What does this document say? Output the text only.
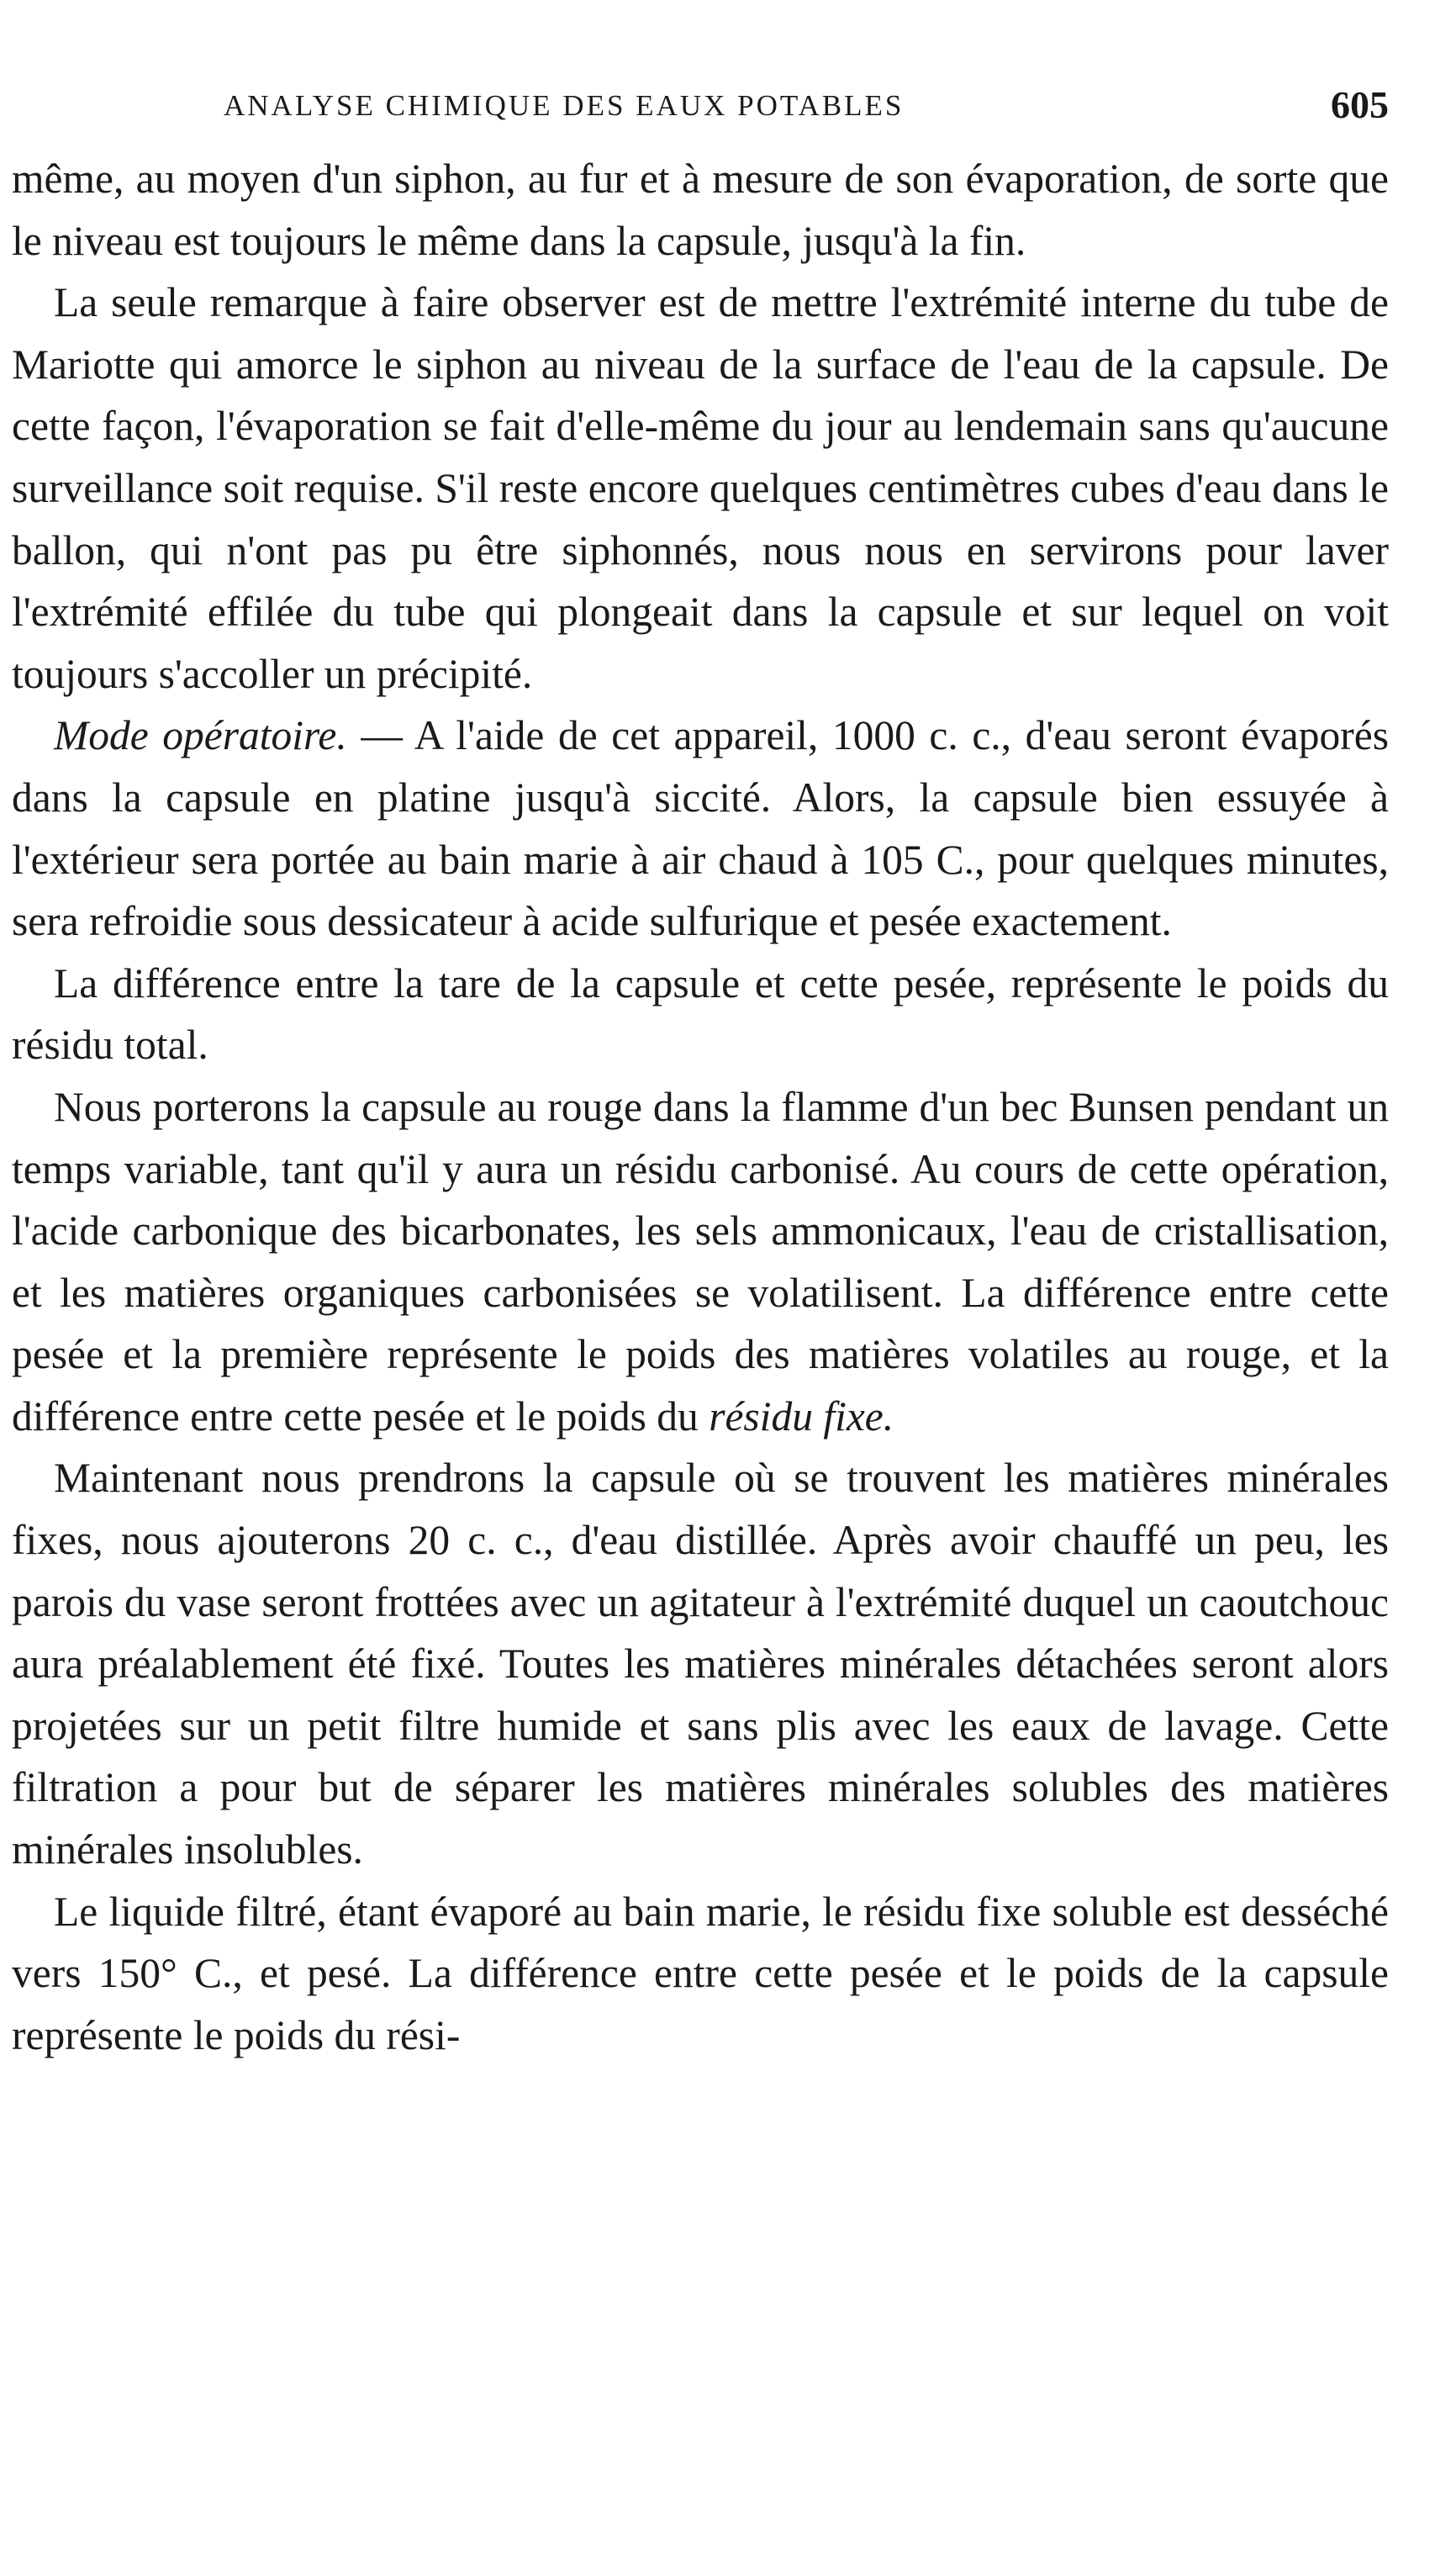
ANALYSE CHIMIQUE DES EAUX POTABLES	605

même, au moyen d'un siphon, au fur et à mesure de son évaporation, de sorte que le niveau est toujours le même dans la capsule, jusqu'à la fin.

La seule remarque à faire observer est de mettre l'extrémité interne du tube de Mariotte qui amorce le siphon au niveau de la surface de l'eau de la capsule. De cette façon, l'évaporation se fait d'elle-même du jour au lendemain sans qu'aucune surveillance soit requise. S'il reste encore quelques centimètres cubes d'eau dans le ballon, qui n'ont pas pu être siphonnés, nous nous en servirons pour laver l'extrémité effilée du tube qui plongeait dans la capsule et sur lequel on voit toujours s'accoller un précipité.

Mode opératoire. — A l'aide de cet appareil, 1000 c. c., d'eau seront évaporés dans la capsule en platine jusqu'à siccité. Alors, la capsule bien essuyée à l'extérieur sera portée au bain marie à air chaud à 105 C., pour quelques minutes, sera refroidie sous dessicateur à acide sulfurique et pesée exactement.

La différence entre la tare de la capsule et cette pesée, représente le poids du résidu total.

Nous porterons la capsule au rouge dans la flamme d'un bec Bunsen pendant un temps variable, tant qu'il y aura un résidu carbonisé. Au cours de cette opération, l'acide carbonique des bicarbonates, les sels ammonicaux, l'eau de cristallisation, et les matières organiques carbonisées se volatilisent. La différence entre cette pesée et la première représente le poids des matières volatiles au rouge, et la différence entre cette pesée et le poids du résidu fixe.

Maintenant nous prendrons la capsule où se trouvent les matières minérales fixes, nous ajouterons 20 c. c., d'eau distillée. Après avoir chauffé un peu, les parois du vase seront frottées avec un agitateur à l'extrémité duquel un caoutchouc aura préalablement été fixé. Toutes les matières minérales détachées seront alors projetées sur un petit filtre humide et sans plis avec les eaux de lavage. Cette filtration a pour but de séparer les matières minérales solubles des matières minérales insolubles.

Le liquide filtré, étant évaporé au bain marie, le résidu fixe soluble est desséché vers 150° C., et pesé. La différence entre cette pesée et le poids de la capsule représente le poids du rési-
